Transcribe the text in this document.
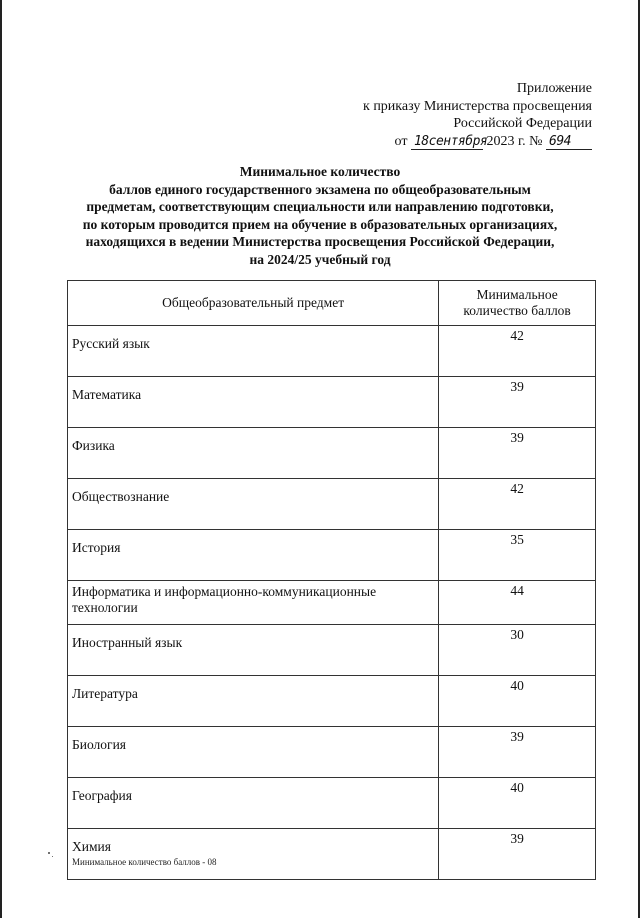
Приложение
к приказу Министерства просвещения
Российской Федерации
от 18сентября 2023 г. № 694
Минимальное количество
баллов единого государственного экзамена по общеобразовательным
предметам, соответствующим специальности или направлению подготовки,
по которым проводится прием на обучение в образовательных организациях,
находящихся в ведении Министерства просвещения Российской Федерации,
на 2024/25 учебный год
Общеобразовательный предмет	Минимальное
количество баллов
Русский язык	42
Математика	39
Физика	39
Обществознание	42
История	35
Информатика и информационно-коммуникационные
технологии	44
Иностранный язык	30
Литература	40
Биология	39
География	40
Химия	39
Минимальное количество баллов - 08
